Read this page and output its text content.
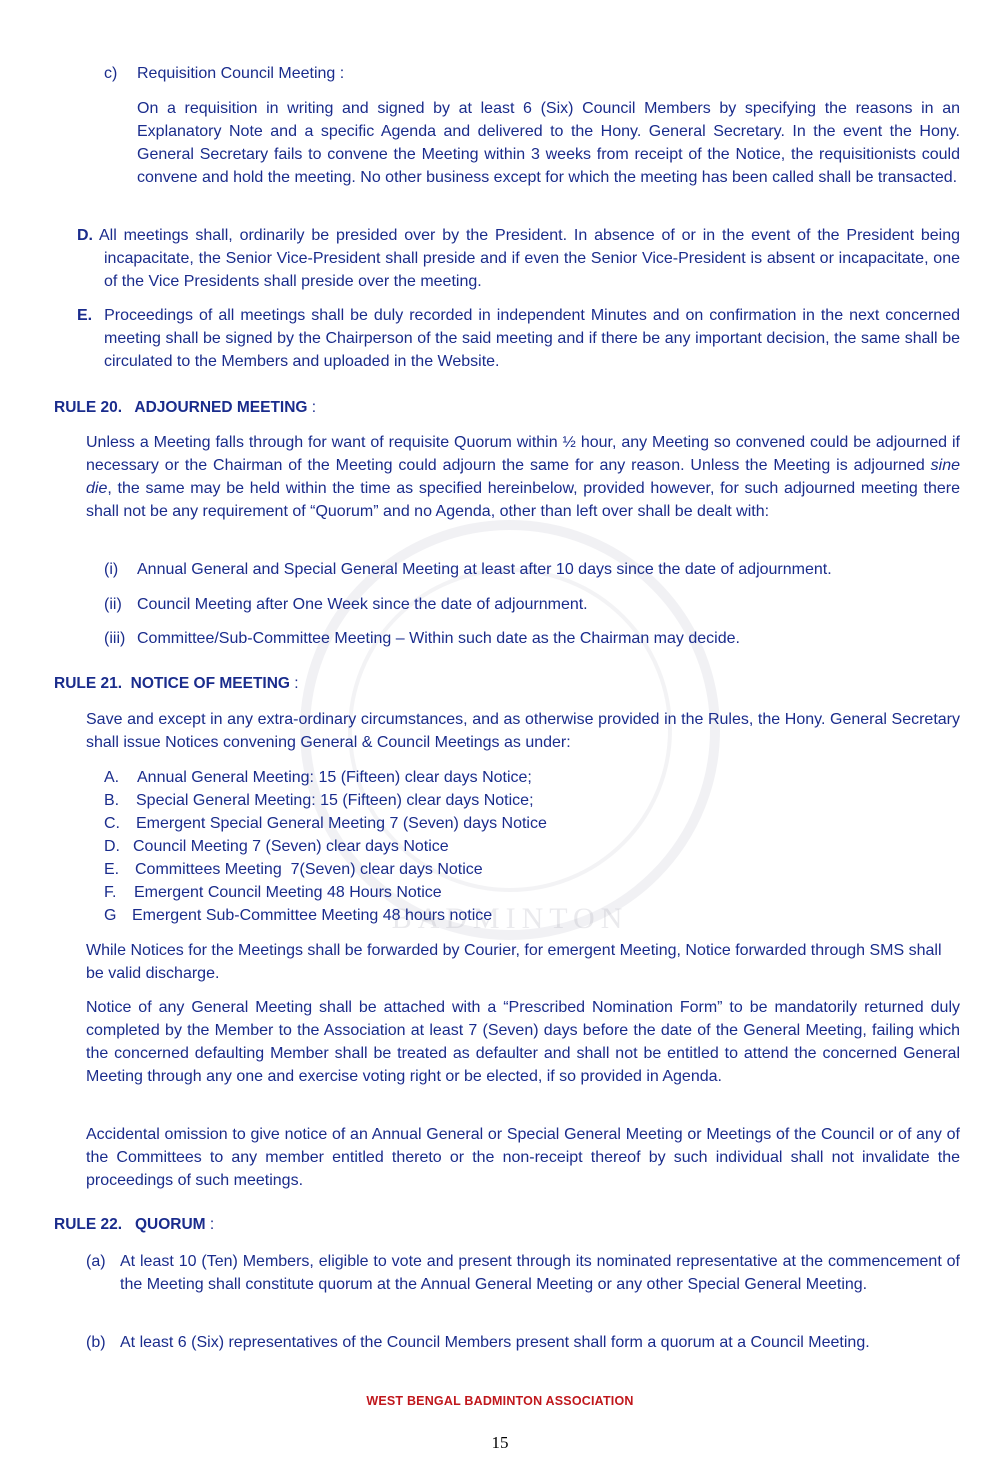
BADMINTON
c) Requisition Council Meeting :
On a requisition in writing and signed by at least 6 (Six) Council Members by specifying the reasons in an Explanatory Note and a specific Agenda and delivered to the Hony. General Secretary. In the event the Hony. General Secretary fails to convene the Meeting within 3 weeks from receipt of the Notice, the requisitionists could convene and hold the meeting. No other business except for which the meeting has been called shall be transacted.
D. All meetings shall, ordinarily be presided over by the President. In absence of or in the event of the President being incapacitate, the Senior Vice-President shall preside and if even the Senior Vice-President is absent or incapacitate, one of the Vice Presidents shall preside over the meeting.
E. Proceedings of all meetings shall be duly recorded in independent Minutes and on confirmation in the next concerned meeting shall be signed by the Chairperson of the said meeting and if there be any important decision, the same shall be circulated to the Members and uploaded in the Website.
RULE 20.   ADJOURNED MEETING :
Unless a Meeting falls through for want of requisite Quorum within ½ hour, any Meeting so convened could be adjourned if necessary or the Chairman of the Meeting could adjourn the same for any reason. Unless the Meeting is adjourned sine die, the same may be held within the time as specified hereinbelow, provided however, for such adjourned meeting there shall not be any requirement of “Quorum” and no Agenda, other than left over shall be dealt with:
(i) Annual General and Special General Meeting at least after 10 days since the date of adjournment.
(ii) Council Meeting after One Week since the date of adjournment.
(iii) Committee/Sub-Committee Meeting – Within such date as the Chairman may decide.
RULE 21.  NOTICE OF MEETING :
Save and except in any extra-ordinary circumstances, and as otherwise provided in the Rules, the Hony. General Secretary shall issue Notices convening General & Council Meetings as under:
A. Annual General Meeting: 15 (Fifteen) clear days Notice;
B. Special General Meeting: 15 (Fifteen) clear days Notice;
C. Emergent Special General Meeting 7 (Seven) days Notice
D. Council Meeting 7 (Seven) clear days Notice
E. Committees Meeting  7(Seven) clear days Notice
F. Emergent Council Meeting 48 Hours Notice
G Emergent Sub-Committee Meeting 48 hours notice
While Notices for the Meetings shall be forwarded by Courier, for emergent Meeting, Notice forwarded through SMS shall be valid discharge.
Notice of any General Meeting shall be attached with a “Prescribed Nomination Form” to be mandatorily returned duly completed by the Member to the Association at least 7 (Seven) days before the date of the General Meeting, failing which the concerned defaulting Member shall be treated as defaulter and shall not be entitled to attend the concerned General Meeting through any one and exercise voting right or be elected, if so provided in Agenda.
Accidental omission to give notice of an Annual General or Special General Meeting or Meetings of the Council or of any of the Committees to any member entitled thereto or the non-receipt thereof by such individual shall not invalidate the proceedings of such meetings.
RULE 22.   QUORUM :
(a) At least 10 (Ten) Members, eligible to vote and present through its nominated representative at the commencement of the Meeting shall constitute quorum at the Annual General Meeting or any other Special General Meeting.
(b) At least 6 (Six) representatives of the Council Members present shall form a quorum at a Council Meeting.
WEST BENGAL BADMINTON ASSOCIATION
15
